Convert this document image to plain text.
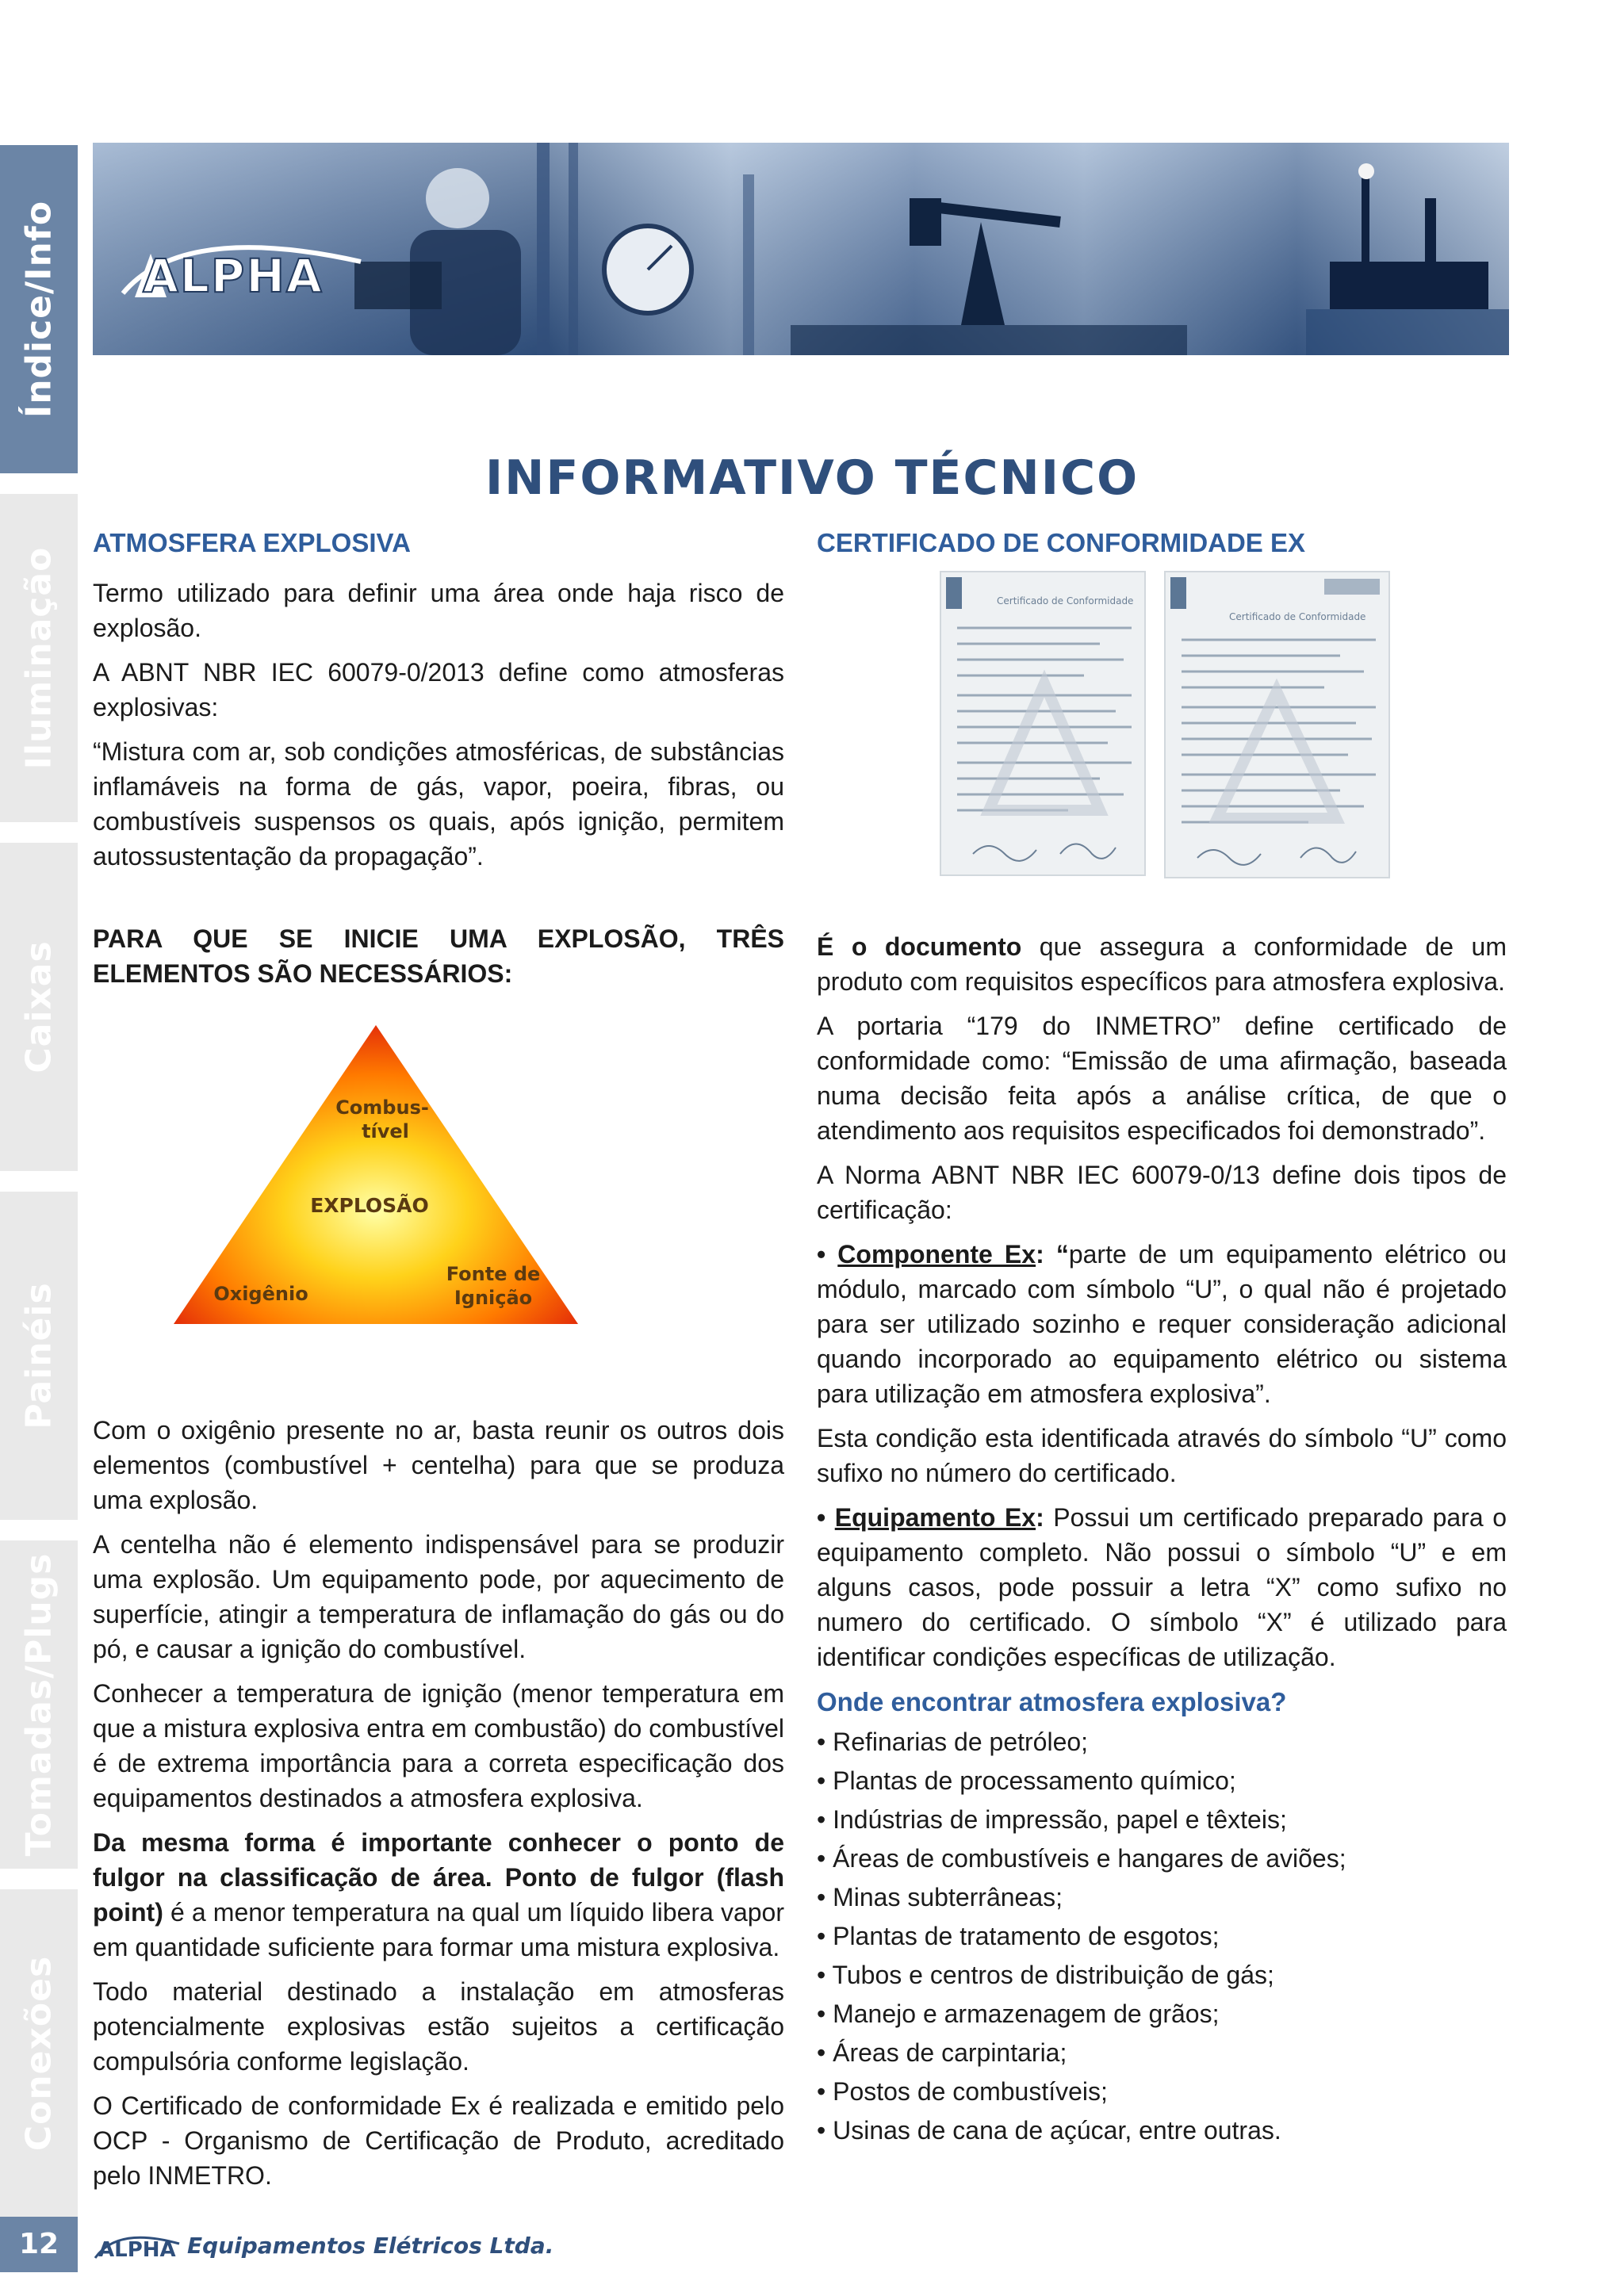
Índice/Info
Iluminação
Caixas
Painéis
Tomadas/Plugs
Conexões
ALPHA
INFORMATIVO TÉCNICO
ATMOSFERA EXPLOSIVA

Termo utilizado para definir uma área onde haja risco de explosão.

A ABNT NBR IEC 60079-0/2013 define como atmosferas explosivas:

“Mistura com ar, sob condições atmosféricas, de substâncias inflamáveis na forma de gás, vapor, poeira, fibras, ou combustíveis suspensos os quais, após ignição, permitem autossustentação da propagação”.

PARA QUE SE INICIE UMA EXPLOSÃO, TRÊS ELEMENTOS SÃO NECESSÁRIOS:

Com o oxigênio presente no ar, basta reunir os outros dois elementos (combustível + centelha) para que se produza uma explosão.

A centelha não é elemento indispensável para se produzir uma explosão. Um equipamento pode, por aquecimento de superfície, atingir a temperatura de inflamação do gás ou do pó, e causar a ignição do combustível.

Conhecer a temperatura de ignição (menor temperatura em que a mistura explosiva entra em combustão) do combustível é de extrema importância para a correta especificação dos equipamentos destinados a atmosfera explosiva.

Da mesma forma é importante conhecer o ponto de fulgor na classificação de área. Ponto de fulgor (flash point) é a menor temperatura na qual um líquido libera vapor em quantidade suficiente para formar uma mistura explosiva.

Todo material destinado a instalação em atmosferas potencialmente explosivas estão sujeitos a certificação compulsória conforme legislação.

O Certificado de conformidade Ex é realizada e emitido pelo OCP - Organismo de Certificação de Produto, acreditado pelo INMETRO.

Combus-
tível
EXPLOSÃO
Oxigênio
Fonte de
Ignição
Certificado de Conformidade
Certificado de Conformidade
CERTIFICADO DE CONFORMIDADE EX

É o documento que assegura a conformidade de um produto com requisitos específicos para atmosfera explosiva.

A portaria “179 do INMETRO” define certificado de conformidade como: “Emissão de uma afirmação, baseada numa decisão feita após a análise crítica, de que o atendimento aos requisitos especificados foi demonstrado”.

A Norma ABNT NBR IEC 60079-0/13 define dois tipos de certificação:

• Componente Ex: “parte de um equipamento elétrico ou módulo, marcado com símbolo “U”, o qual não é projetado para ser utilizado sozinho e requer consideração adicional quando incorporado ao equipamento elétrico ou sistema para utilização em atmosfera explosiva”.

Esta condição esta identificada através do símbolo “U” como sufixo no número do certificado.

• Equipamento Ex: Possui um certificado preparado para o equipamento completo. Não possui o símbolo “U” e em alguns casos, pode possuir a letra “X” como sufixo no numero do certificado. O símbolo “X” é utilizado para identificar condições específicas de utilização.

Onde encontrar atmosfera explosiva?
• Refinarias de petróleo;
• Plantas de processamento químico;
• Indústrias de impressão, papel e têxteis;
• Áreas de combustíveis e hangares de aviões;
• Minas subterrâneas;
• Plantas de tratamento de esgotos;
• Tubos e centros de distribuição de gás;
• Manejo e armazenagem de grãos;
• Áreas de carpintaria;
• Postos de combustíveis;
• Usinas de cana de açúcar, entre outras.
12	ALPHA Equipamentos Elétricos Ltda.
